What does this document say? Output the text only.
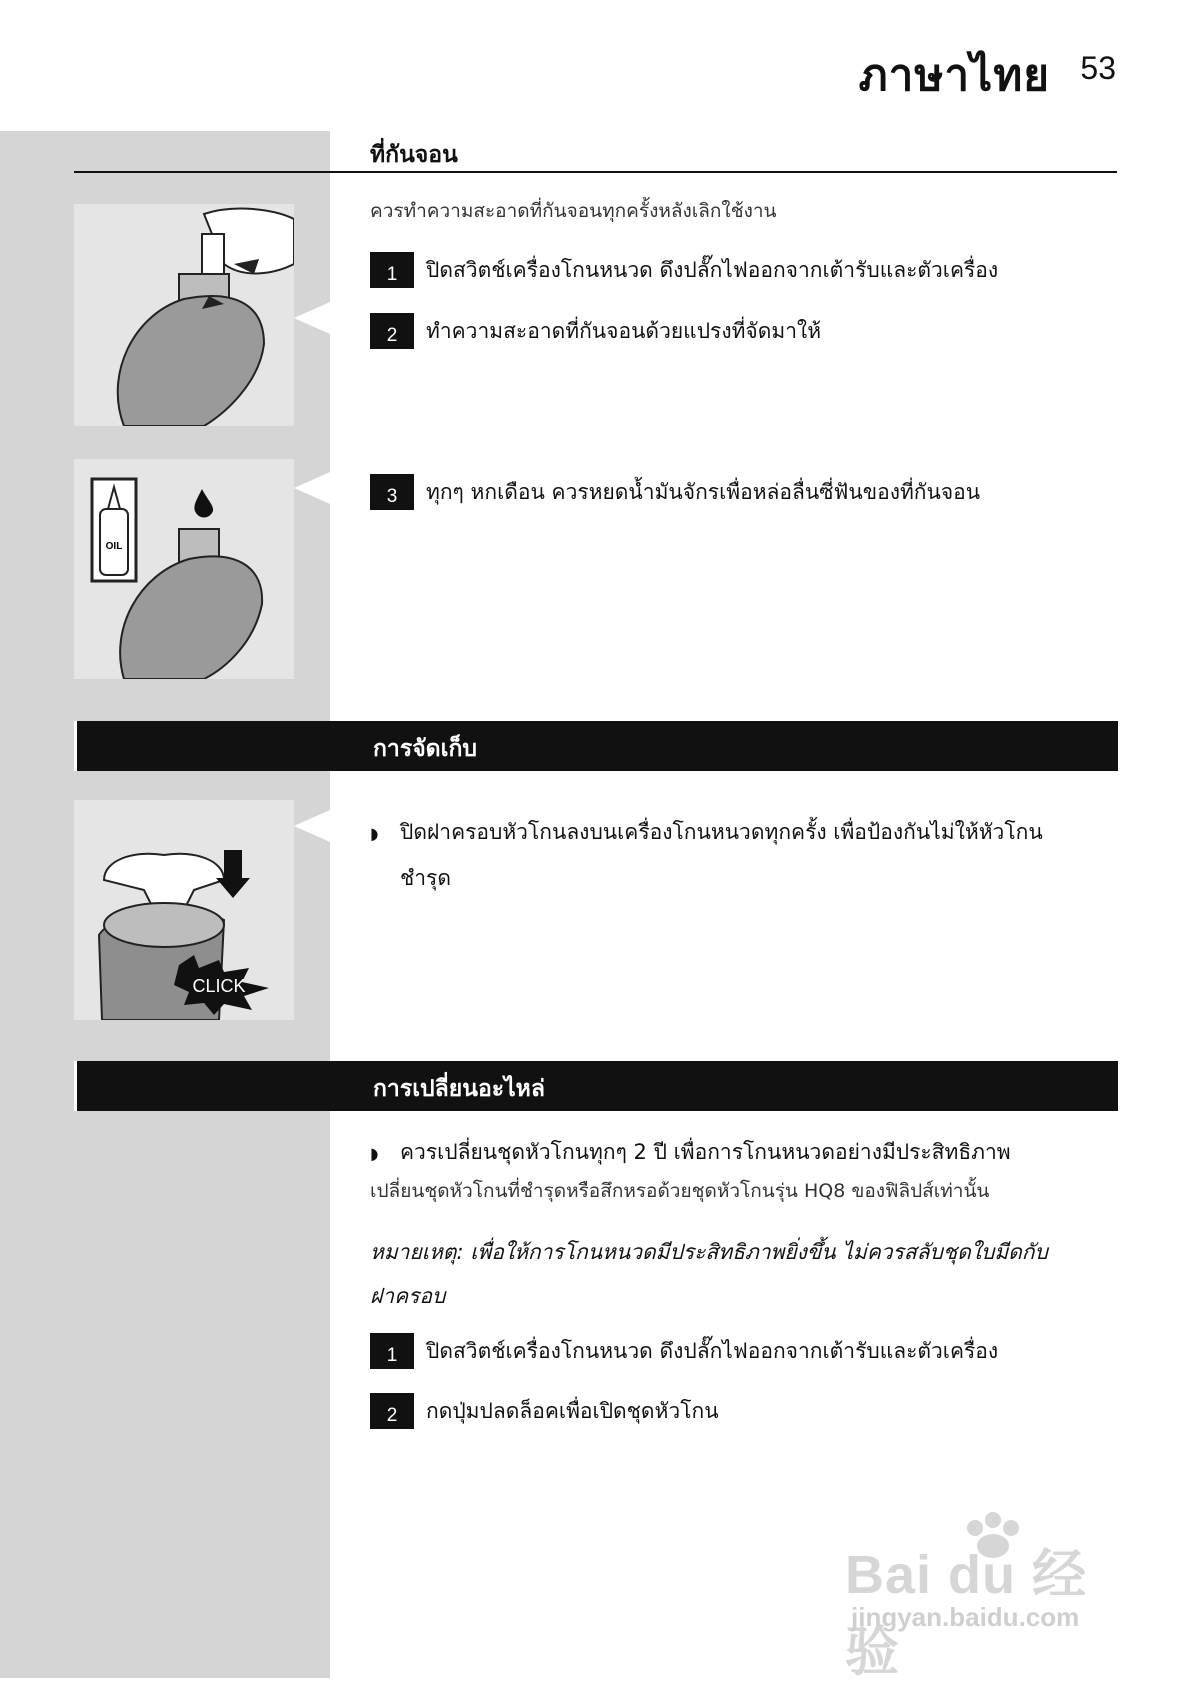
ภาษาไทย 53
ที่กันจอน
ควรทำความสะอาดที่กันจอนทุกครั้งหลังเลิกใช้งาน
1	ปิดสวิตช์เครื่องโกนหนวด ดึงปลั๊กไฟออกจากเต้ารับและตัวเครื่อง
2	ทำความสะอาดที่กันจอนด้วยแปรงที่จัดมาให้
OIL
3	ทุกๆ หกเดือน ควรหยดน้ำมันจักรเพื่อหล่อลื่นซี่ฟันของที่กันจอน
การจัดเก็บ
CLICK
◗ ปิดฝาครอบหัวโกนลงบนเครื่องโกนหนวดทุกครั้ง เพื่อป้องกันไม่ให้หัวโกน
ชำรุด
การเปลี่ยนอะไหล่
◗ ควรเปลี่ยนชุดหัวโกนทุกๆ 2 ปี เพื่อการโกนหนวดอย่างมีประสิทธิภาพ
เปลี่ยนชุดหัวโกนที่ชำรุดหรือสึกหรอด้วยชุดหัวโกนรุ่น HQ8 ของฟิลิปส์เท่านั้น
หมายเหตุ: เพื่อให้การโกนหนวดมีประสิทธิภาพยิ่งขึ้น ไม่ควรสลับชุดใบมีดกับ
ฝาครอบ
1	ปิดสวิตช์เครื่องโกนหนวด ดึงปลั๊กไฟออกจากเต้ารับและตัวเครื่อง
2	กดปุ่มปลดล็อคเพื่อเปิดชุดหัวโกน
Bai du 经验
jingyan.baidu.com
